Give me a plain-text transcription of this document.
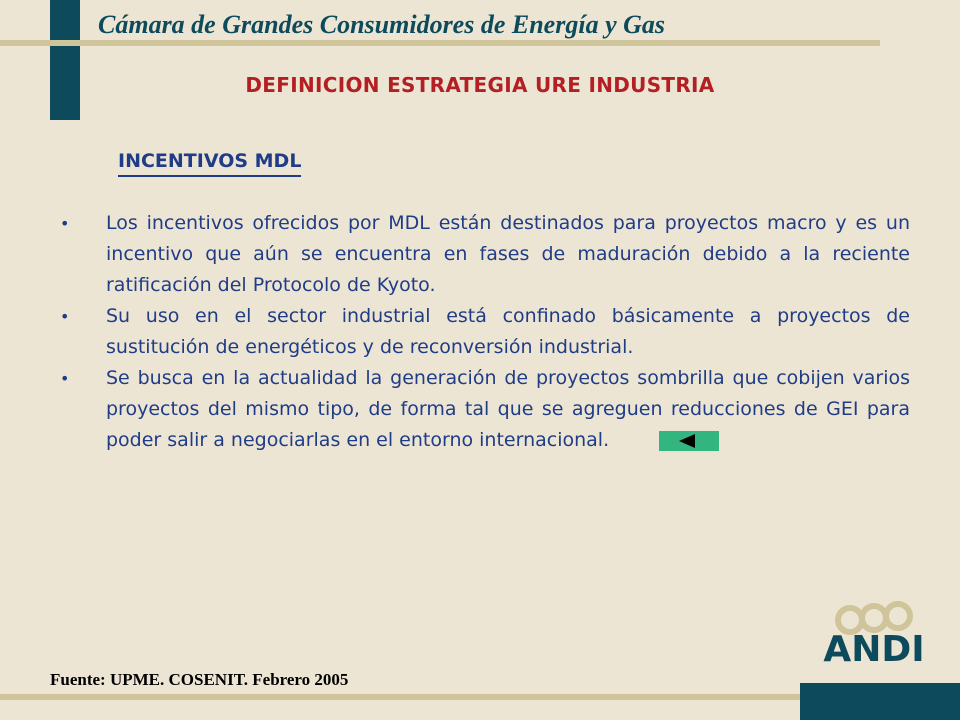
Cámara de Grandes Consumidores de Energía y Gas
DEFINICION ESTRATEGIA URE INDUSTRIA
INCENTIVOS MDL
•	Los incentivos ofrecidos por MDL están destinados para proyectos macro y es un incentivo que aún se encuentra en fases de maduración debido a la reciente ratificación del Protocolo de Kyoto.
•	Su uso en el sector industrial está confinado básicamente a proyectos de sustitución de energéticos y de reconversión industrial.
•	Se busca en la actualidad la generación de proyectos sombrilla que cobijen varios proyectos del mismo tipo, de forma tal que se agreguen reducciones de GEI para poder salir a negociarlas en el entorno internacional.
Fuente: UPME. COSENIT. Febrero 2005
ANDI
